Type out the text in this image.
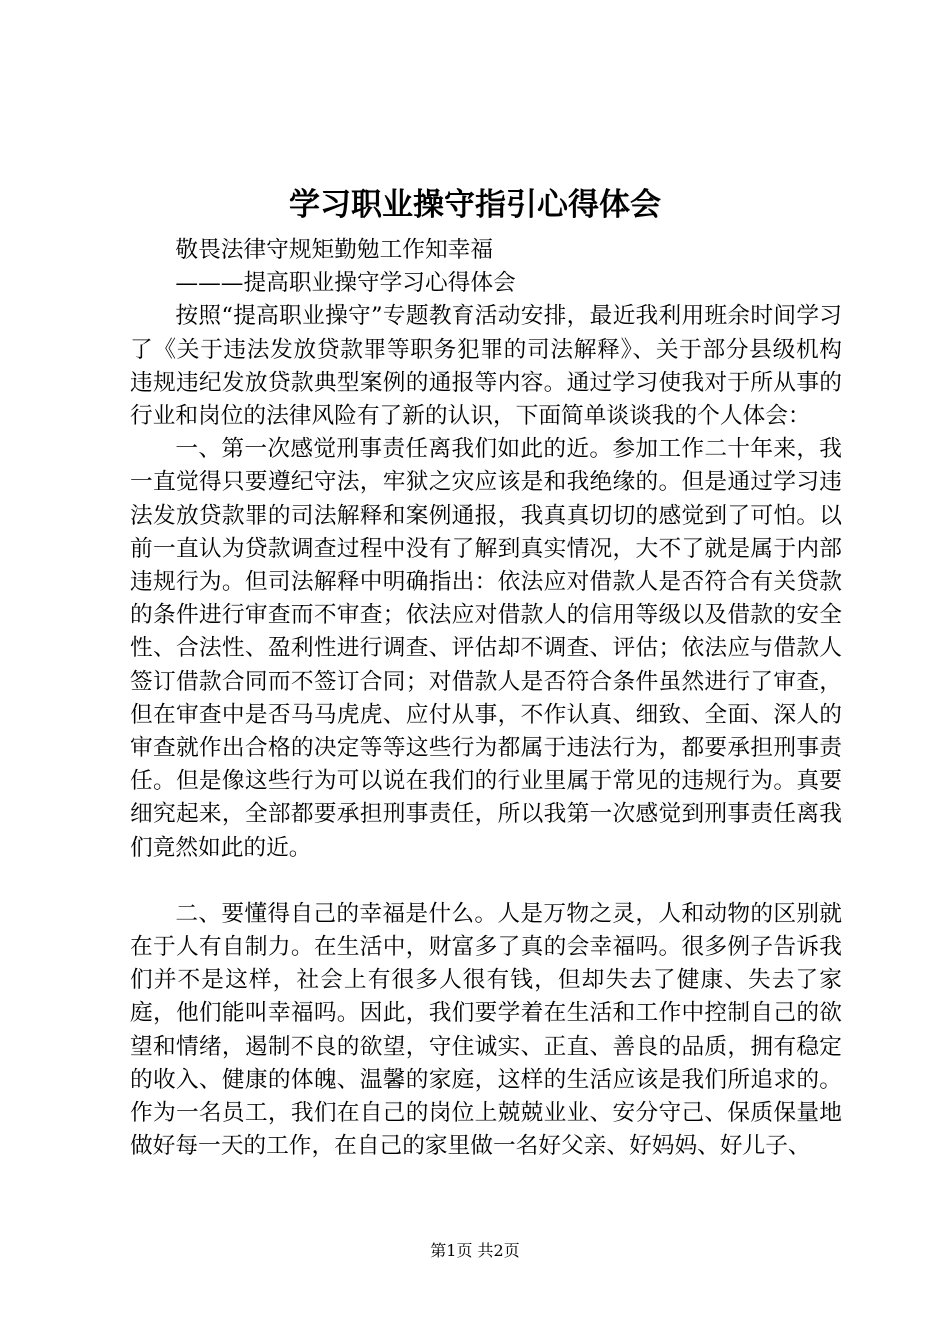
学习职业操守指引心得体会

敬畏法律守规矩勤勉工作知幸福

———提高职业操守学习心得体会

按照“提高职业操守”专题教育活动安排，最近我利用班余时间学习了《关于违法发放贷款罪等职务犯罪的司法解释》、关于部分县级机构违规违纪发放贷款典型案例的通报等内容。通过学习使我对于所从事的行业和岗位的法律风险有了新的认识，下面简单谈谈我的个人体会：

一、第一次感觉刑事责任离我们如此的近。参加工作二十年来，我一直觉得只要遵纪守法，牢狱之灾应该是和我绝缘的。但是通过学习违法发放贷款罪的司法解释和案例通报，我真真切切的感觉到了可怕。以前一直认为贷款调查过程中没有了解到真实情况，大不了就是属于内部违规行为。但司法解释中明确指出：依法应对借款人是否符合有关贷款的条件进行审查而不审查；依法应对借款人的信用等级以及借款的安全性、合法性、盈利性进行调查、评估却不调查、评估；依法应与借款人签订借款合同而不签订合同；对借款人是否符合条件虽然进行了审查，但在审查中是否马马虎虎、应付从事，不作认真、细致、全面、深人的审查就作出合格的决定等等这些行为都属于违法行为，都要承担刑事责任。但是像这些行为可以说在我们的行业里属于常见的违规行为。真要细究起来，全部都要承担刑事责任，所以我第一次感觉到刑事责任离我们竟然如此的近。

二、要懂得自己的幸福是什么。人是万物之灵，人和动物的区别就在于人有自制力。在生活中，财富多了真的会幸福吗。很多例子告诉我们并不是这样，社会上有很多人很有钱，但却失去了健康、失去了家庭，他们能叫幸福吗。因此，我们要学着在生活和工作中控制自己的欲望和情绪，遏制不良的欲望，守住诚实、正直、善良的品质，拥有稳定的收入、健康的体魄、温馨的家庭，这样的生活应该是我们所追求的。作为一名员工，我们在自己的岗位上兢兢业业、安分守己、保质保量地做好每一天的工作，在自己的家里做一名好父亲、好妈妈、好儿子、

第1页 共2页
